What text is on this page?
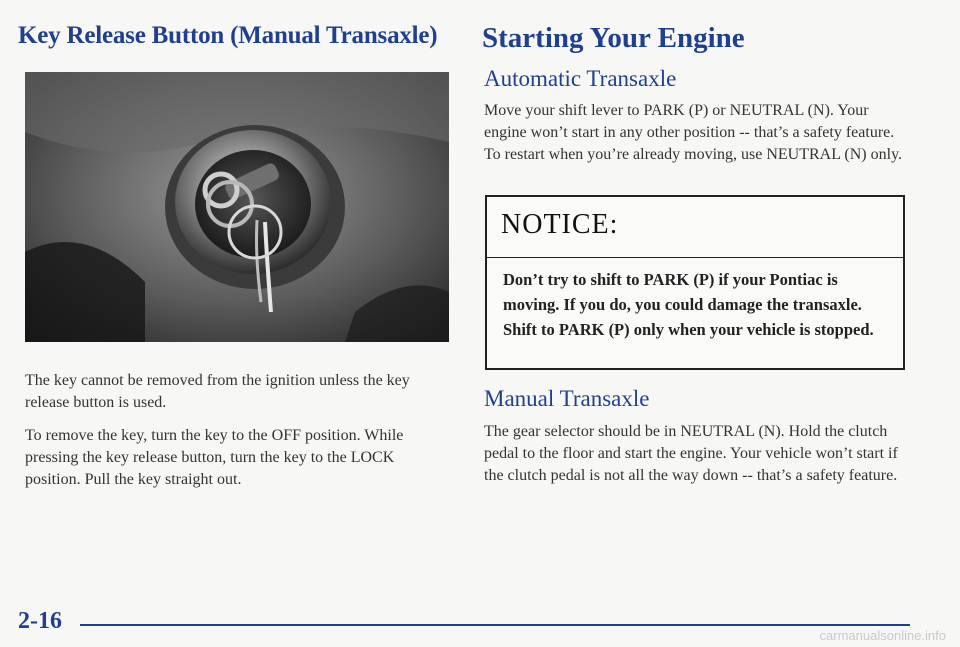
Key Release Button (Manual Transaxle)

The key cannot be removed from the ignition unless the key release button is used.

To remove the key, turn the key to the OFF position. While pressing the key release button, turn the key to the LOCK position. Pull the key straight out.

Starting Your Engine
Automatic Transaxle

Move your shift lever to PARK (P) or NEUTRAL (N). Your engine won’t start in any other position -- that’s a safety feature. To restart when you’re already moving, use NEUTRAL (N) only.

NOTICE:

Don’t try to shift to PARK (P) if your Pontiac is moving. If you do, you could damage the transaxle. Shift to PARK (P) only when your vehicle is stopped.

Manual Transaxle

The gear selector should be in NEUTRAL (N). Hold the clutch pedal to the floor and start the engine. Your vehicle won’t start if the clutch pedal is not all the way down -- that’s a safety feature.

2-16
carmanualsonline.info
